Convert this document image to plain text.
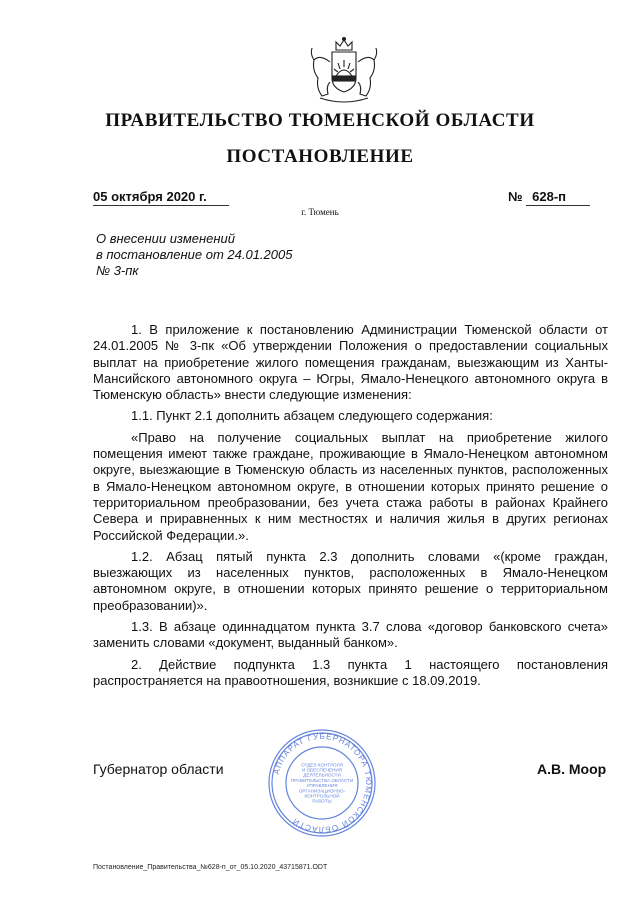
ПРАВИТЕЛЬСТВО ТЮМЕНСКОЙ ОБЛАСТИ
ПОСТАНОВЛЕНИЕ
05 октября 2020 г.	№ 628-п
г. Тюмень
О внесении изменений
в постановление от 24.01.2005
№ 3-пк

1. В приложение к постановлению Администрации Тюменской области от 24.01.2005 № 3-пк «Об утверждении Положения о предоставлении социальных выплат на приобретение жилого помещения гражданам, выезжающим из Ханты-Мансийского автономного округа – Югры, Ямало-Ненецкого автономного округа в Тюменскую область» внести следующие изменения:

1.1. Пункт 2.1 дополнить абзацем следующего содержания:

«Право на получение социальных выплат на приобретение жилого помещения имеют также граждане, проживающие в Ямало-Ненецком автономном округе, выезжающие в Тюменскую область из населенных пунктов, расположенных в Ямало-Ненецком автономном округе, в отношении которых принято решение о территориальном преобразовании, без учета стажа работы в районах Крайнего Севера и приравненных к ним местностях и наличия жилья в других регионах Российской Федерации.».

1.2. Абзац пятый пункта 2.3 дополнить словами «(кроме граждан, выезжающих из населенных пунктов, расположенных в Ямало-Ненецком автономном округе, в отношении которых принято решение о территориальном преобразовании)».

1.3. В абзаце одиннадцатом пункта 3.7 слова «договор банковского счета» заменить словами «документ, выданный банком».

2. Действие подпункта 1.3 пункта 1 настоящего постановления распространяется на правоотношения, возникшие с 18.09.2019.

АППАРАТ ГУБЕРНАТОРА ТЮМЕНСКОЙ ОБЛАСТИ
ОТДЕЛ КОНТРОЛЯ
И ОБЕСПЕЧЕНИЯ
ДЕЯТЕЛЬНОСТИ
ПРАВИТЕЛЬСТВА ОБЛАСТИ
УПРАВЛЕНИЯ
ОРГАНИЗАЦИОННО-
КОНТРОЛЬНОЙ
РАБОТЫ
Губернатор области	А.В. Моор
Постановление_Правительства_№628-п_от_05.10.2020_43715871.ODT
